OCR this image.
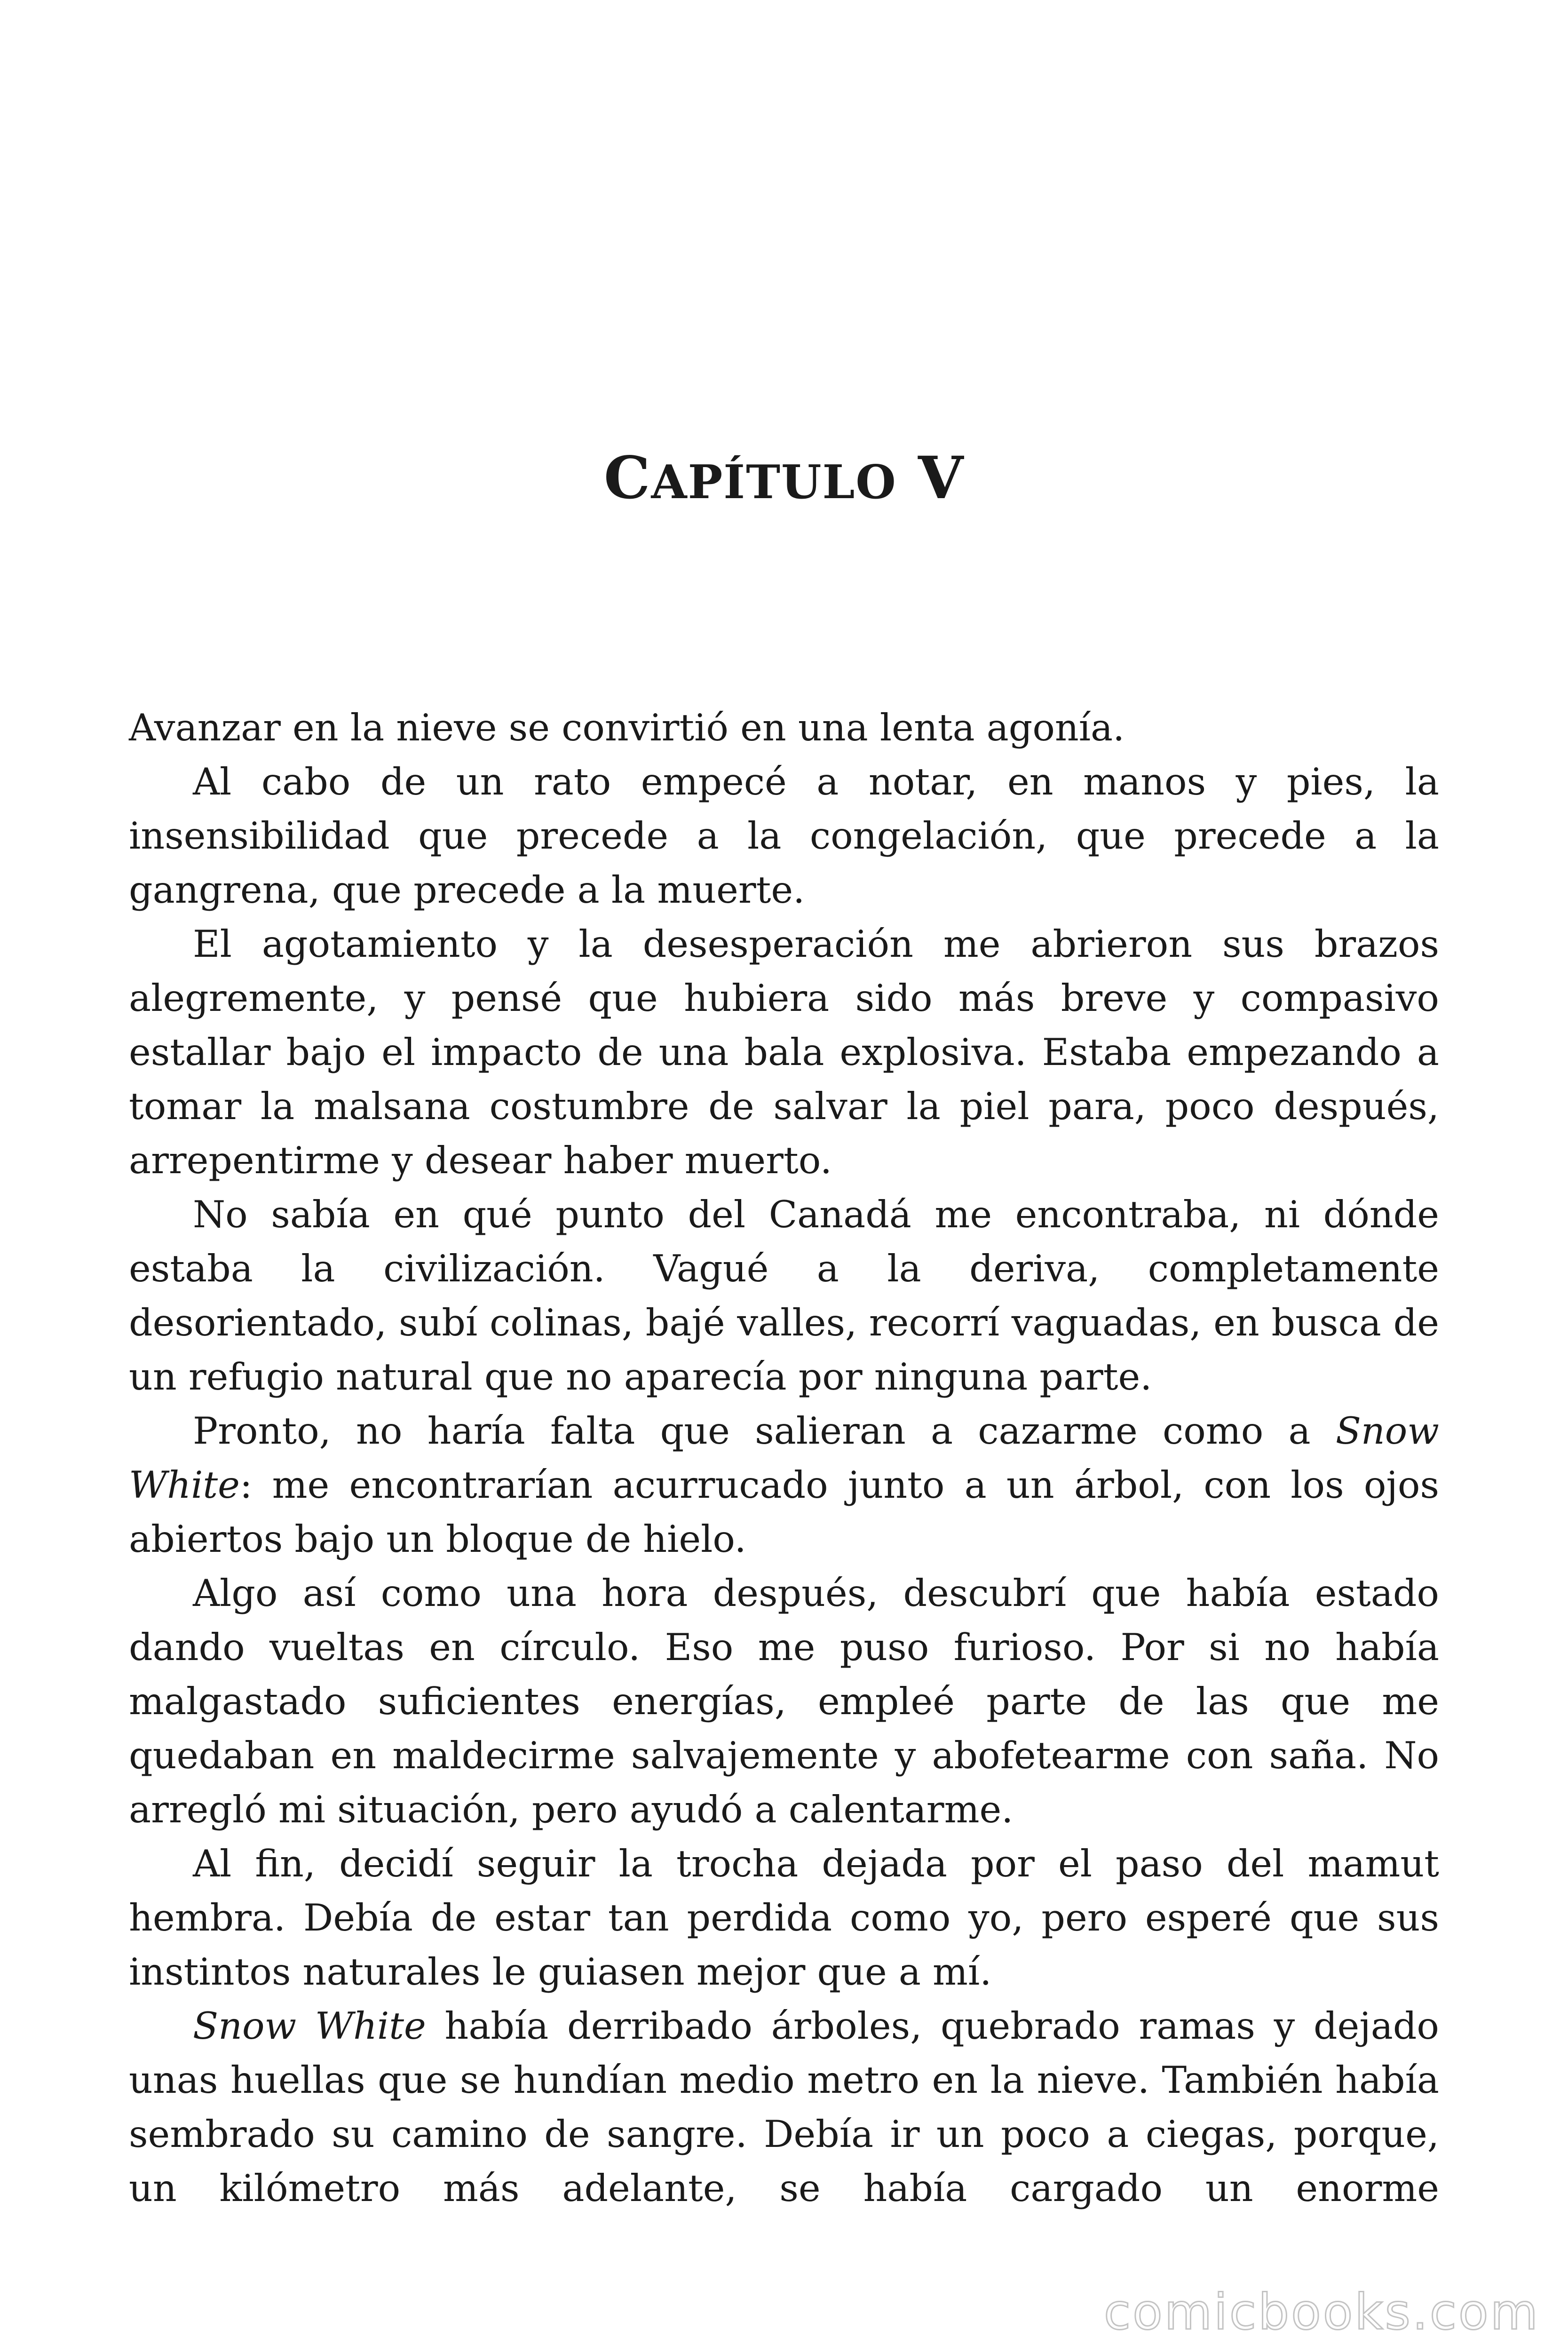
CAPÍTULO V

Avanzar en la nieve se convirtió en una lenta agonía.

Al cabo de un rato empecé a notar, en manos y pies, la insensibilidad que precede a la congelación, que precede a la gangrena, que precede a la muerte.

El agotamiento y la desesperación me abrieron sus brazos alegremente, y pensé que hubiera sido más breve y compasivo estallar bajo el impacto de una bala explosiva. Estaba empezando a tomar la malsana costumbre de salvar la piel para, poco después, arrepentirme y desear haber muerto.

No sabía en qué punto del Canadá me encontraba, ni dónde estaba la civilización. Vagué a la deriva, completamente desorientado, subí colinas, bajé valles, recorrí vaguadas, en busca de un refugio natural que no aparecía por ninguna parte.

Pronto, no haría falta que salieran a cazarme como a Snow White: me encontrarían acurrucado junto a un árbol, con los ojos abiertos bajo un bloque de hielo.

Algo así como una hora después, descubrí que había estado dando vueltas en círculo. Eso me puso furioso. Por si no había malgastado suficientes energías, empleé parte de las que me quedaban en maldecirme salvajemente y abofetearme con saña. No arregló mi situación, pero ayudó a calentarme.

Al fin, decidí seguir la trocha dejada por el paso del mamut hembra. Debía de estar tan perdida como yo, pero esperé que sus instintos naturales le guiasen mejor que a mí.

Snow White había derribado árboles, quebrado ramas y dejado unas huellas que se hundían medio metro en la nieve. También había sembrado su camino de sangre. Debía ir un poco a ciegas, porque, un kilómetro más adelante, se había cargado un enorme

comicbooks.com
